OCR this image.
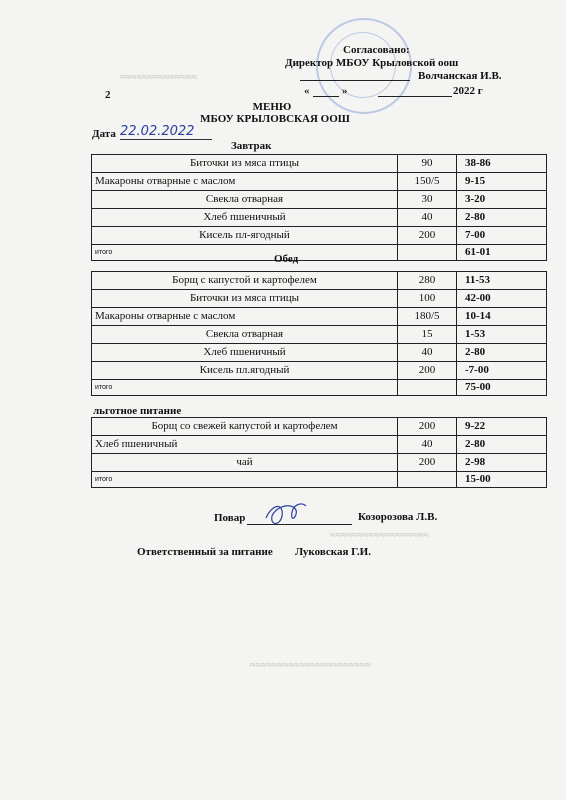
≈≈≈≈≈≈≈≈≈≈≈≈≈≈
≈≈≈≈≈≈≈≈≈≈≈≈≈≈≈≈≈≈
≈≈≈≈≈≈≈≈≈≈≈≈≈≈≈≈≈≈≈≈≈≈
Согласовано:
Директор МБОУ Крыловской оош
Волчанская И.В.
«	»	2022 г
2
МЕНЮ
МБОУ КРЫЛОВСКАЯ ООШ
Дата 22.02.2022
Завтрак
Биточки из мяса птицы	90	38-86
Макароны отварные с маслом	150/5	9-15
Свекла отварная	30	3-20
Хлеб пшеничный	40	2-80
Кисель пл-ягодный	200	7-00
итого		61-01
Обед
Борщ с капустой и картофелем	280	11-53
Биточки из мяса птицы	100	42-00
Макароны отварные с маслом	180/5	10-14
Свекла отварная	15	1-53
Хлеб пшеничный	40	2-80
Кисель пл.ягодный	200	-7-00
итого		75-00
льготное питание
Борщ со свежей капустой и картофелем	200	9-22
Хлеб пшеничный	40	2-80
чай	200	2-98
итого		15-00
Повар	Козорозова Л.В.
Ответственный за питание Луковская Г.И.
